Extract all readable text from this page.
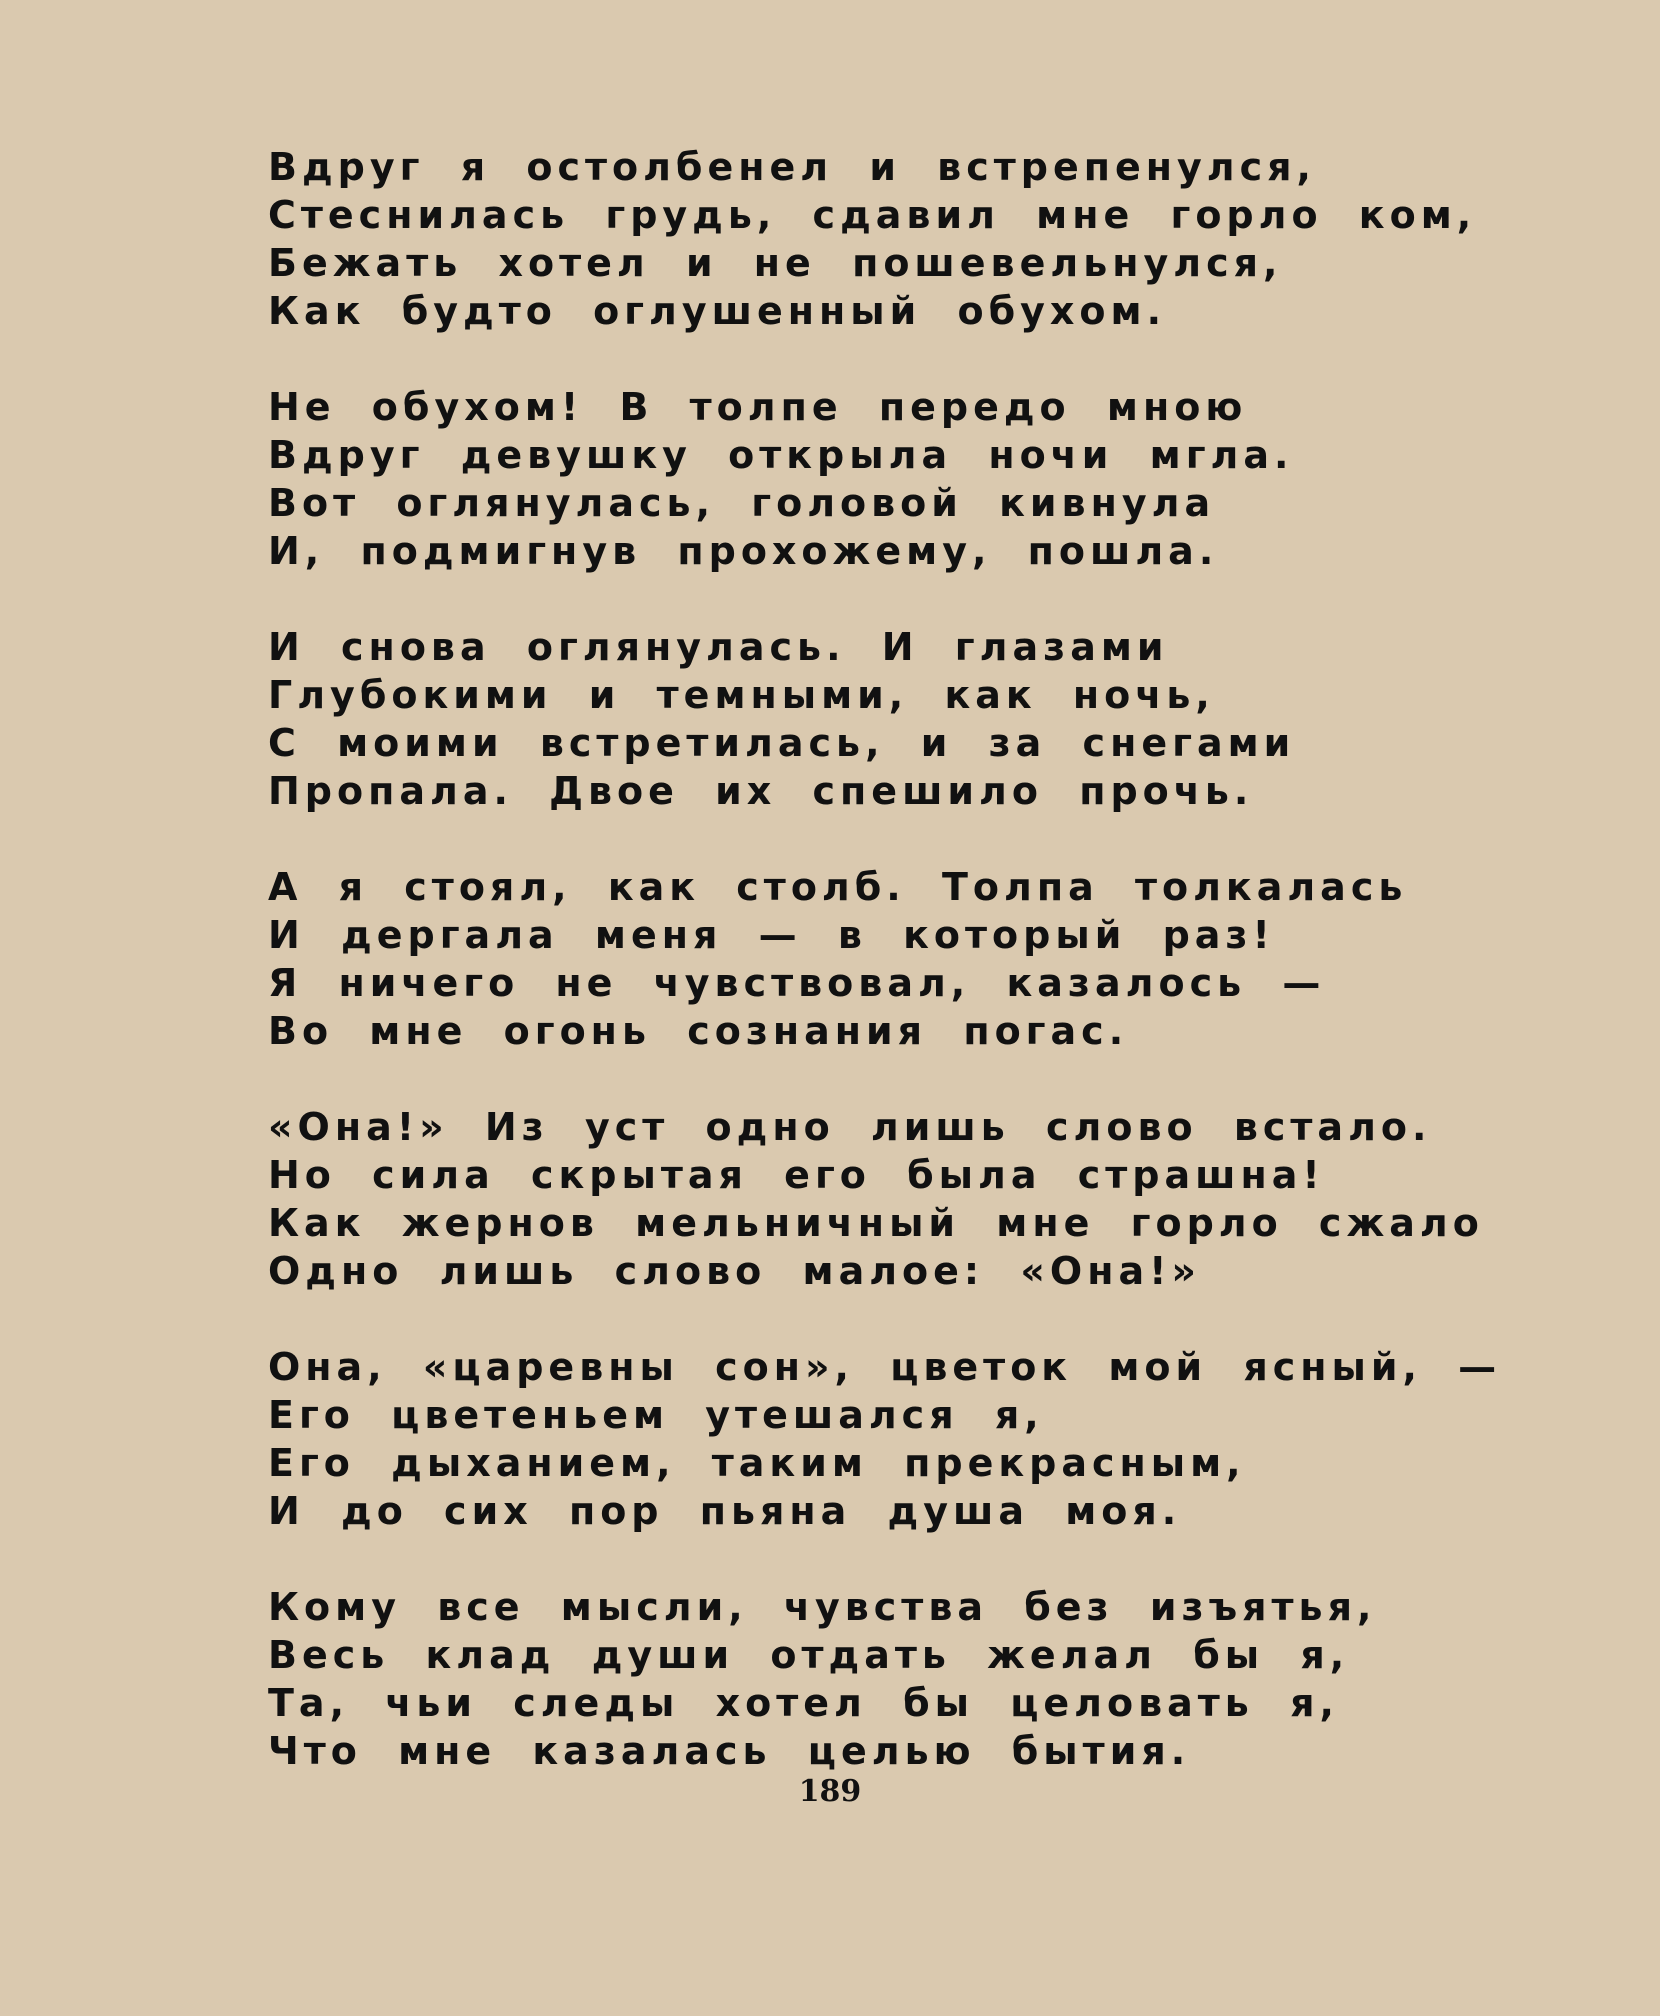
Вдруг я остолбенел и встрепенулся,
Стеснилась грудь, сдавил мне горло ком,
Бежать хотел и не пошевельнулся,
Как будто оглушенный обухом.
Не обухом! В толпе передо мною
Вдруг девушку открыла ночи мгла.
Вот оглянулась, головой кивнула
И, подмигнув прохожему, пошла.
И снова оглянулась. И глазами
Глубокими и темными, как ночь,
С моими встретилась, и за снегами
Пропала. Двое их спешило прочь.
А я стоял, как столб. Толпа толкалась
И дергала меня — в который раз!
Я ничего не чувствовал, казалось —
Во мне огонь сознания погас.
«Она!» Из уст одно лишь слово встало.
Но сила скрытая его была страшна!
Как жернов мельничный мне горло сжало
Одно лишь слово малое: «Она!»
Она, «царевны сон», цветок мой ясный, —
Его цветеньем утешался я,
Его дыханием, таким прекрасным,
И до сих пор пьяна душа моя.
Кому все мысли, чувства без изъятья,
Весь клад души отдать желал бы я,
Та, чьи следы хотел бы целовать я,
Что мне казалась целью бытия.
189
